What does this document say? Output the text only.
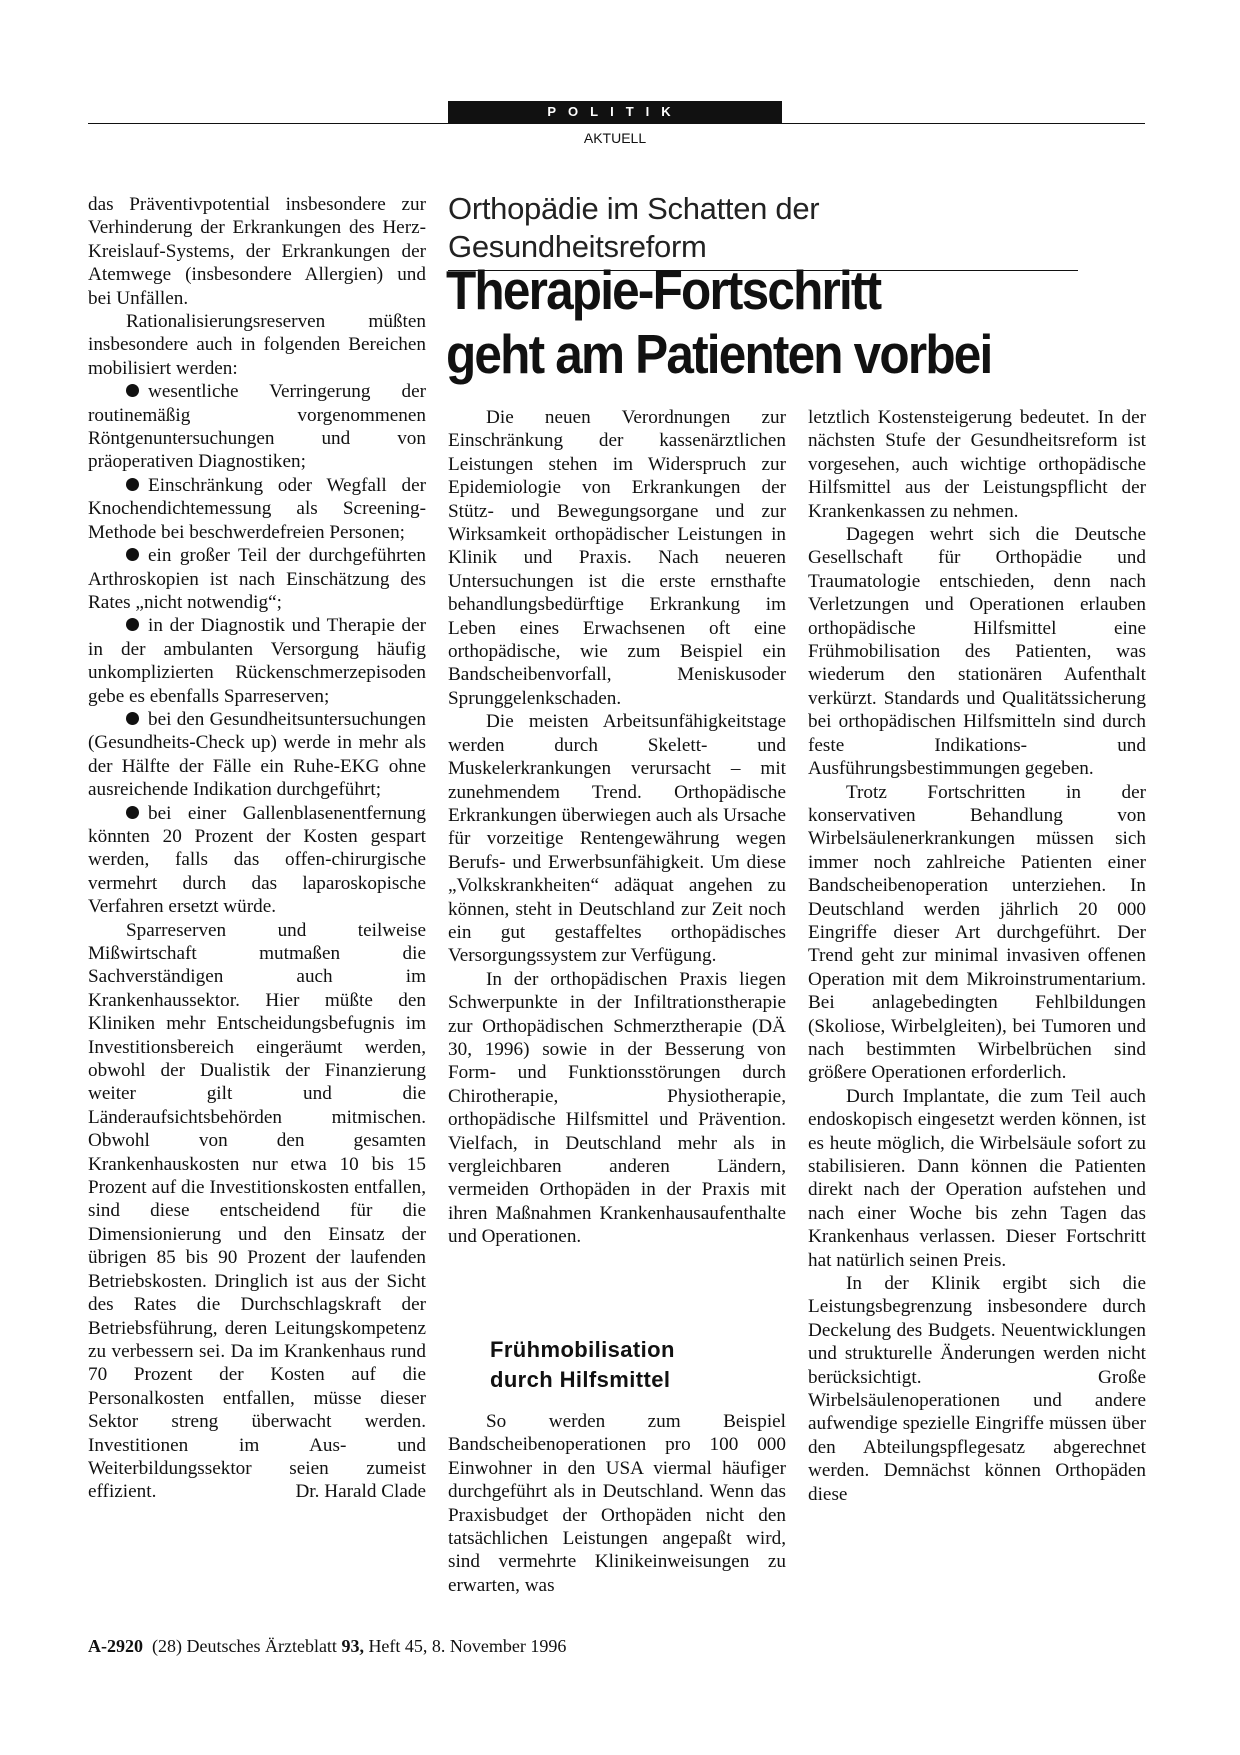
POLITIK
AKTUELL
Orthopädie im Schatten der Gesundheitsreform
Therapie-Fortschritt
geht am Patienten vorbei

das Präventivpotential insbesondere zur Verhinderung der Erkrankungen des Herz-Kreislauf-Systems, der Erkrankungen der Atemwege (insbesondere Allergien) und bei Unfällen.

Rationalisierungsreserven müßten insbesondere auch in folgenden Bereichen mobilisiert werden:

wesentliche Verringerung der routinemäßig vorgenommenen Röntgenuntersuchungen und von präoperativen Diagnostiken;

Einschränkung oder Wegfall der Knochendichtemessung als Screening-Methode bei beschwerdefreien Personen;

ein großer Teil der durchgeführten Arthroskopien ist nach Einschätzung des Rates „nicht notwendig“;

in der Diagnostik und Therapie der in der ambulanten Versorgung häufig unkomplizierten Rückenschmerzepisoden gebe es ebenfalls Sparreserven;

bei den Gesundheitsuntersuchungen (Gesundheits-Check up) werde in mehr als der Hälfte der Fälle ein Ruhe-EKG ohne ausreichende Indikation durchgeführt;

bei einer Gallenblasenentfernung könnten 20 Prozent der Kosten gespart werden, falls das offen-chirurgische vermehrt durch das laparoskopische Verfahren ersetzt würde.

Sparreserven und teilweise Mißwirtschaft mutmaßen die Sachverständigen auch im Krankenhaussektor. Hier müßte den Kliniken mehr Entscheidungsbefugnis im Investitionsbereich eingeräumt werden, obwohl der Dualistik der Finanzierung weiter gilt und die Länderaufsichtsbehörden mitmischen. Obwohl von den gesamten Krankenhauskosten nur etwa 10 bis 15 Prozent auf die Investitionskosten entfallen, sind diese entscheidend für die Dimensionierung und den Einsatz der übrigen 85 bis 90 Prozent der laufenden Betriebskosten. Dringlich ist aus der Sicht des Rates die Durchschlagskraft der Betriebsführung, deren Leitungskompetenz zu verbessern sei. Da im Krankenhaus rund 70 Prozent der Kosten auf die Personalkosten entfallen, müsse dieser Sektor streng überwacht werden. Investitionen im Aus- und Weiterbildungssektor seien zumeist effizient.	Dr. Harald Clade

Die neuen Verordnungen zur Einschränkung der kassenärztlichen Leistungen stehen im Widerspruch zur Epidemiologie von Erkrankungen der Stütz- und Bewegungsorgane und zur Wirksamkeit orthopädischer Leistungen in Klinik und Praxis. Nach neueren Untersuchungen ist die erste ernsthafte behandlungsbedürftige Erkrankung im Leben eines Erwachsenen oft eine orthopädische, wie zum Beispiel ein Bandscheibenvorfall, Meniskusoder Sprunggelenkschaden.

Die meisten Arbeitsunfähigkeitstage werden durch Skelett- und Muskelerkrankungen verursacht – mit zunehmendem Trend. Orthopädische Erkrankungen überwiegen auch als Ursache für vorzeitige Rentengewährung wegen Berufs- und Erwerbsunfähigkeit. Um diese „Volkskrankheiten“ adäquat angehen zu können, steht in Deutschland zur Zeit noch ein gut gestaffeltes orthopädisches Versorgungssystem zur Verfügung.

In der orthopädischen Praxis liegen Schwerpunkte in der Infiltrationstherapie zur Orthopädischen Schmerztherapie (DÄ 30, 1996) sowie in der Besserung von Form- und Funktionsstörungen durch Chirotherapie, Physiotherapie, orthopädische Hilfsmittel und Prävention. Vielfach, in Deutschland mehr als in vergleichbaren anderen Ländern, vermeiden Orthopäden in der Praxis mit ihren Maßnahmen Krankenhausaufenthalte und Operationen.

Frühmobilisation
durch Hilfsmittel

So werden zum Beispiel Bandscheibenoperationen pro 100 000 Einwohner in den USA viermal häufiger durchgeführt als in Deutschland. Wenn das Praxisbudget der Orthopäden nicht den tatsächlichen Leistungen angepaßt wird, sind vermehrte Klinikeinweisungen zu erwarten, was

letztlich Kostensteigerung bedeutet. In der nächsten Stufe der Gesundheitsreform ist vorgesehen, auch wichtige orthopädische Hilfsmittel aus der Leistungspflicht der Krankenkassen zu nehmen.

Dagegen wehrt sich die Deutsche Gesellschaft für Orthopädie und Traumatologie entschieden, denn nach Verletzungen und Operationen erlauben orthopädische Hilfsmittel eine Frühmobilisation des Patienten, was wiederum den stationären Aufenthalt verkürzt. Standards und Qualitätssicherung bei orthopädischen Hilfsmitteln sind durch feste Indikations- und Ausführungsbestimmungen gegeben.

Trotz Fortschritten in der konservativen Behandlung von Wirbelsäulenerkrankungen müssen sich immer noch zahlreiche Patienten einer Bandscheibenoperation unterziehen. In Deutschland werden jährlich 20 000 Eingriffe dieser Art durchgeführt. Der Trend geht zur minimal invasiven offenen Operation mit dem Mikroinstrumentarium. Bei anlagebedingten Fehlbildungen (Skoliose, Wirbelgleiten), bei Tumoren und nach bestimmten Wirbelbrüchen sind größere Operationen erforderlich.

Durch Implantate, die zum Teil auch endoskopisch eingesetzt werden können, ist es heute möglich, die Wirbelsäule sofort zu stabilisieren. Dann können die Patienten direkt nach der Operation aufstehen und nach einer Woche bis zehn Tagen das Krankenhaus verlassen. Dieser Fortschritt hat natürlich seinen Preis.

In der Klinik ergibt sich die Leistungsbegrenzung insbesondere durch Deckelung des Budgets. Neuentwicklungen und strukturelle Änderungen werden nicht berücksichtigt. Große Wirbelsäulenoperationen und andere aufwendige spezielle Eingriffe müssen über den Abteilungspflegesatz abgerechnet werden. Demnächst können Orthopäden diese

A-2920 (28) Deutsches Ärzteblatt 93, Heft 45, 8. November 1996
